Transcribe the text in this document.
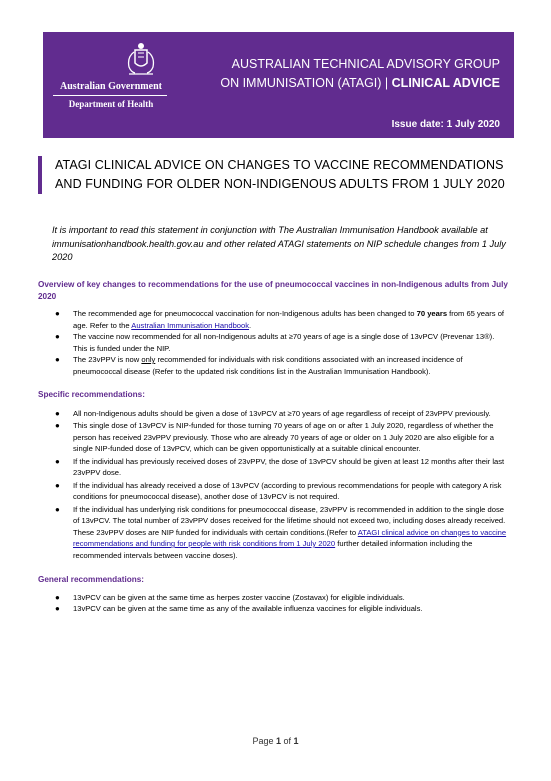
Australian Government
Department of Health
AUSTRALIAN TECHNICAL ADVISORY GROUP
ON IMMUNISATION (ATAGI) | CLINICAL ADVICE
Issue date: 1 July 2020
ATAGI CLINICAL ADVICE ON CHANGES TO VACCINE RECOMMENDATIONS AND FUNDING FOR OLDER NON-INDIGENOUS ADULTS FROM 1 JULY 2020
It is important to read this statement in conjunction with The Australian Immunisation Handbook available at immunisationhandbook.health.gov.au and other related ATAGI statements on NIP schedule changes from 1 July 2020

Overview of key changes to recommendations for the use of pneumococcal vaccines in non-Indigenous adults from July 2020

● The recommended age for pneumococcal vaccination for non-Indigenous adults has been changed to 70 years from 65 years of age. Refer to the Australian Immunisation Handbook.
● The vaccine now recommended for all non-Indigenous adults at ≥70 years of age is a single dose of 13vPCV (Prevenar 13®). This is funded under the NIP.
● The 23vPPV is now only recommended for individuals with risk conditions associated with an increased incidence of pneumococcal disease (Refer to the updated risk conditions list in the Australian Immunisation Handbook).

Specific recommendations:

● All non-Indigenous adults should be given a dose of 13vPCV at ≥70 years of age regardless of receipt of 23vPPV previously.
● This single dose of 13vPCV is NIP-funded for those turning 70 years of age on or after 1 July 2020, regardless of whether the person has received 23vPPV previously. Those who are already 70 years of age or older on 1 July 2020 are also eligible for a single NIP-funded dose of 13vPCV, which can be given opportunistically at a suitable clinical encounter.
● If the individual has previously received doses of 23vPPV, the dose of 13vPCV should be given at least 12 months after their last 23vPPV dose.
● If the individual has already received a dose of 13vPCV (according to previous recommendations for people with category A risk conditions for pneumococcal disease), another dose of 13vPCV is not required.
● If the individual has underlying risk conditions for pneumococcal disease, 23vPPV is recommended in addition to the single dose of 13vPCV. The total number of 23vPPV doses received for the lifetime should not exceed two, including doses already received. These 23vPPV doses are NIP funded for individuals with certain conditions.(Refer to ATAGI clinical advice on changes to vaccine recommendations and funding for people with risk conditions from 1 July 2020 further detailed information including the recommended intervals between vaccine doses).

General recommendations:

● 13vPCV can be given at the same time as herpes zoster vaccine (Zostavax) for eligible individuals.
● 13vPCV can be given at the same time as any of the available influenza vaccines for eligible individuals.
Page 1 of 1
